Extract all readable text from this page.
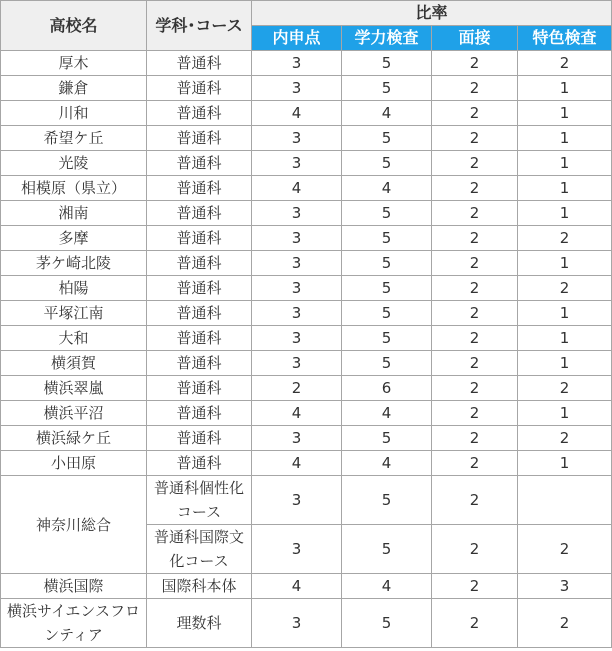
高校名	学科･コース	比率			
		内申点	学力検査	面接	特色検査
厚木	普通科	3	5	2	2
鎌倉	普通科	3	5	2	1
川和	普通科	4	4	2	1
希望ケ丘	普通科	3	5	2	1
光陵	普通科	3	5	2	1
相模原（県立）	普通科	4	4	2	1
湘南	普通科	3	5	2	1
多摩	普通科	3	5	2	2
茅ケ崎北陵	普通科	3	5	2	1
柏陽	普通科	3	5	2	2
平塚江南	普通科	3	5	2	1
大和	普通科	3	5	2	1
横須賀	普通科	3	5	2	1
横浜翠嵐	普通科	2	6	2	2
横浜平沼	普通科	4	4	2	1
横浜緑ケ丘	普通科	3	5	2	2
小田原	普通科	4	4	2	1
神奈川総合	普通科個性化コース	3	5	2	
	普通科国際文化コース	3	5	2	2
横浜国際	国際科本体	4	4	2	3
横浜サイエンスフロンティア	理数科	3	5	2	2
